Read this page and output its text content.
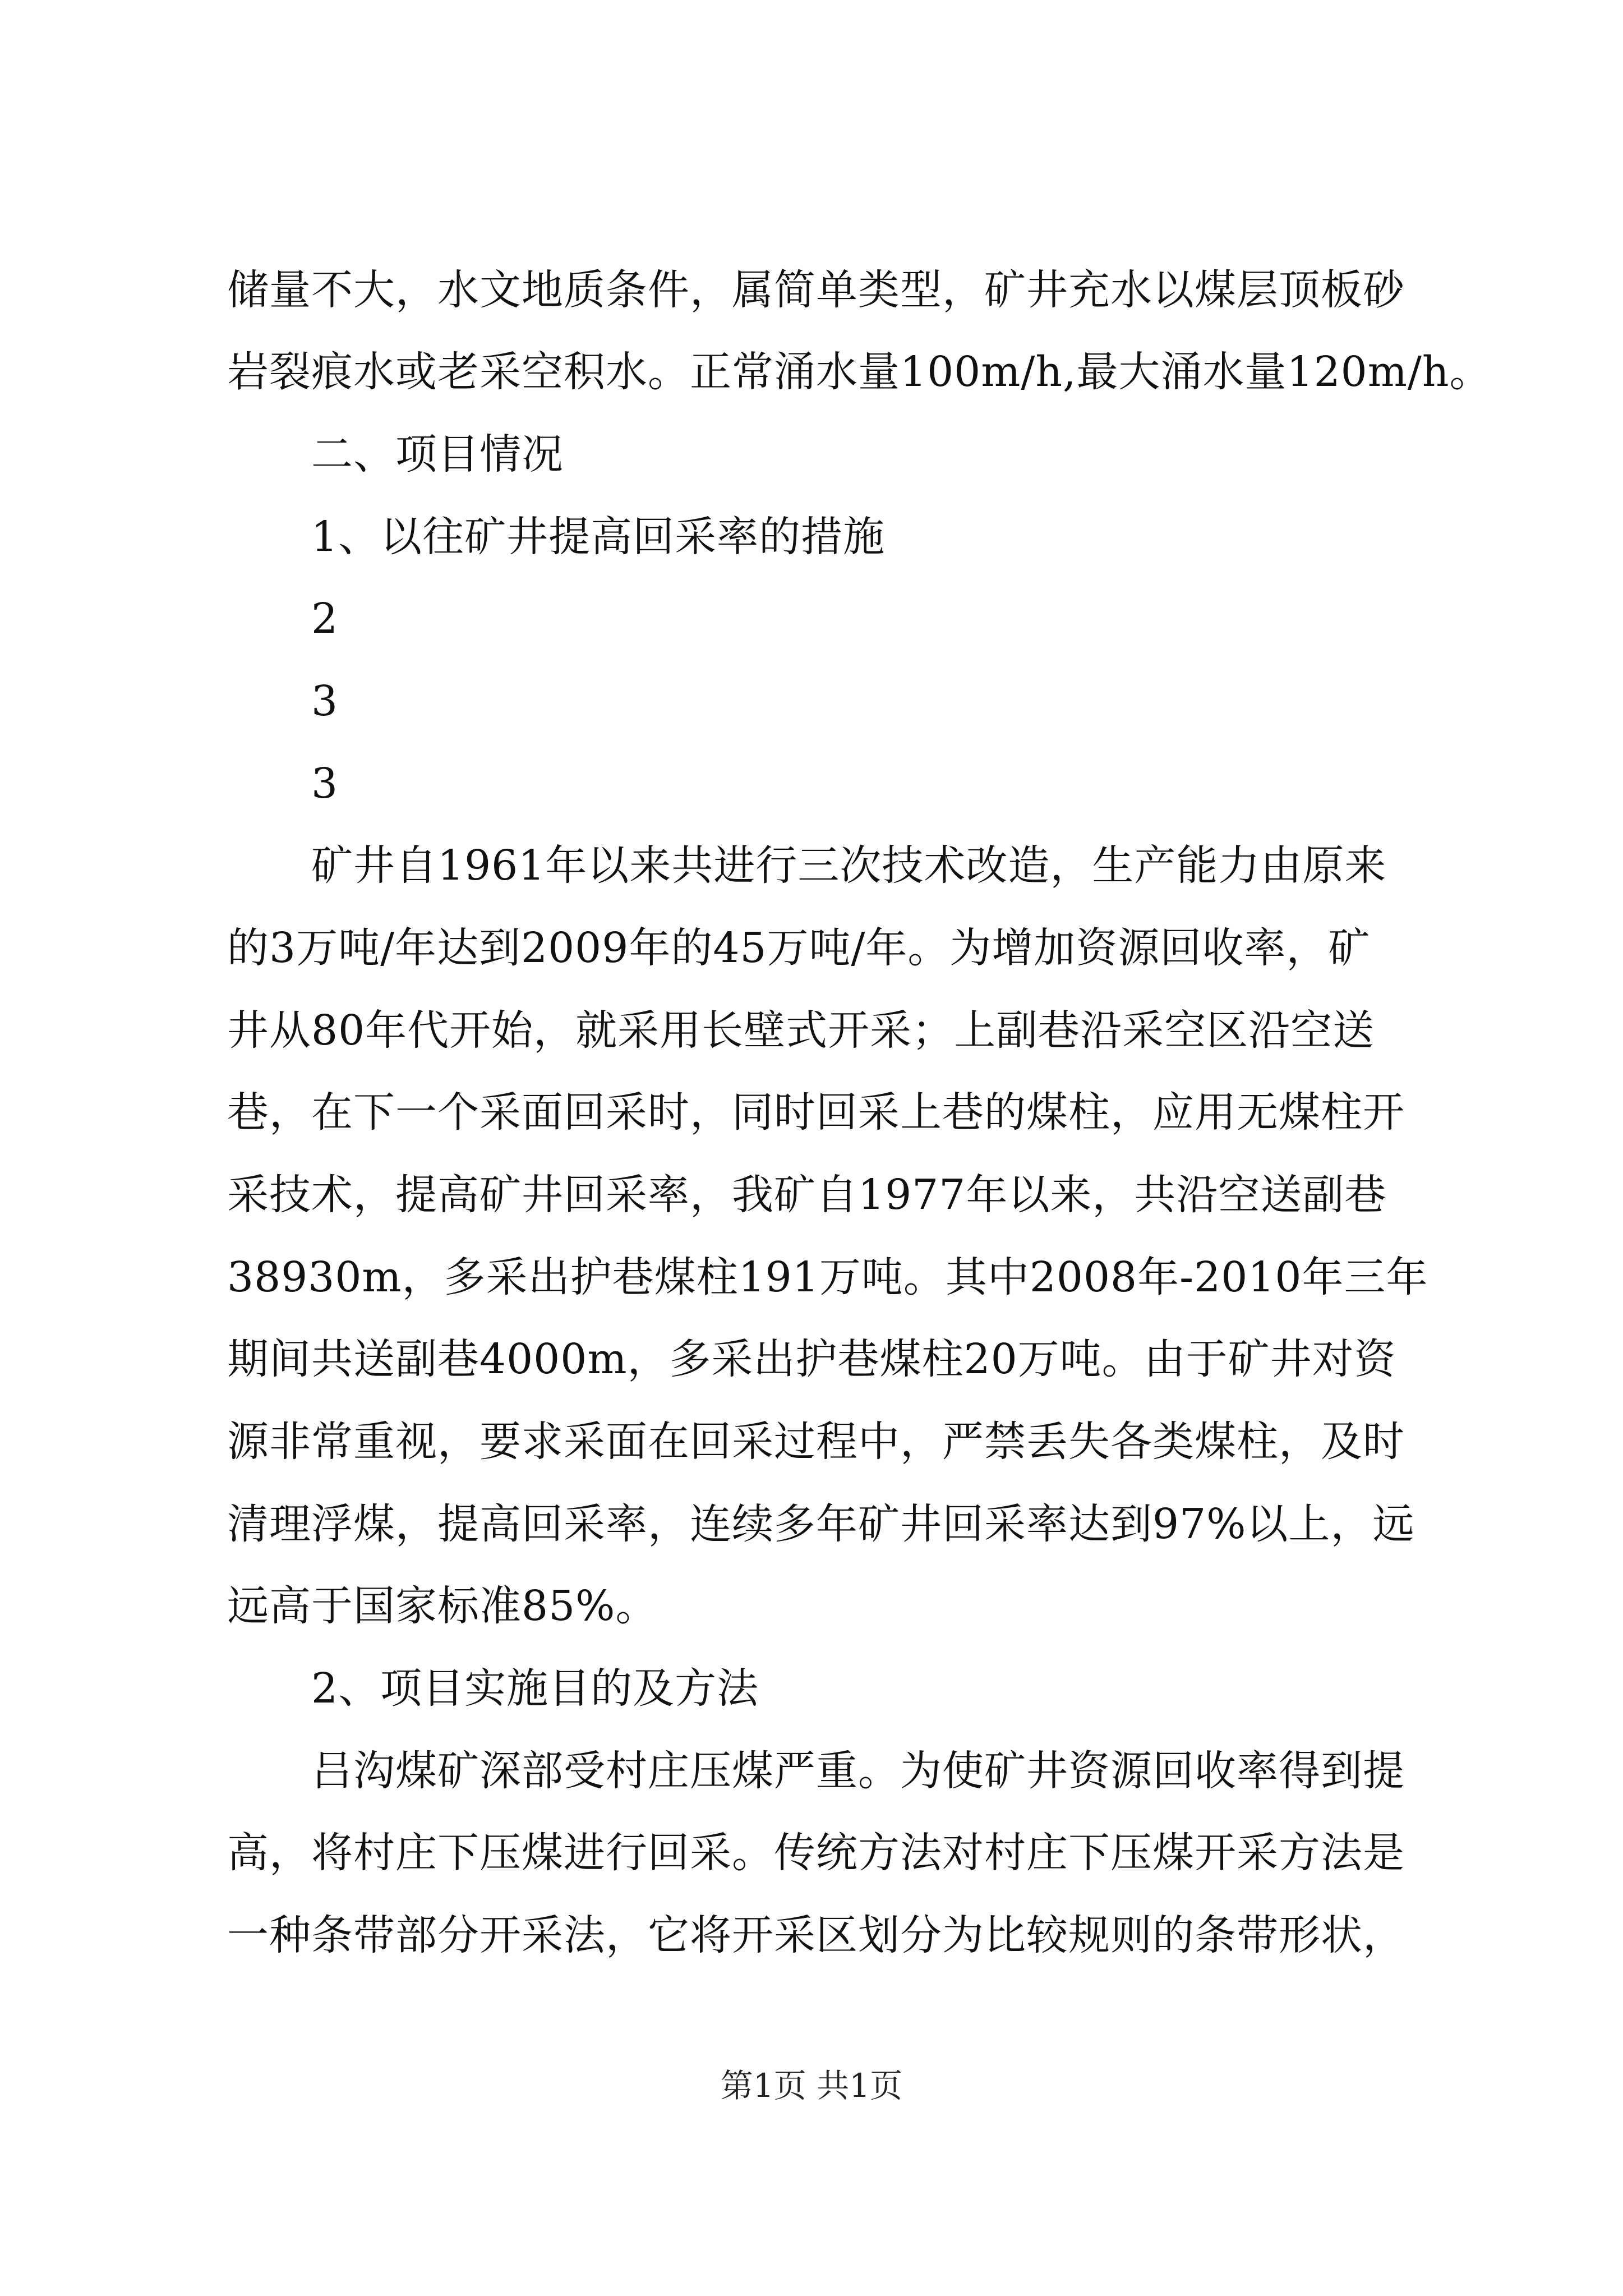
储量不大，水文地质条件，属简单类型，矿井充水以煤层顶板砂
岩裂痕水或老采空积水。正常涌水量100m/h,最大涌水量120m/h。
二、项目情况
1、以往矿井提高回采率的措施
2
3
3
矿井自1961年以来共进行三次技术改造，生产能力由原来
的3万吨/年达到2009年的45万吨/年。为增加资源回收率，矿
井从80年代开始，就采用长壁式开采；上副巷沿采空区沿空送
巷，在下一个采面回采时，同时回采上巷的煤柱，应用无煤柱开
采技术，提高矿井回采率，我矿自1977年以来，共沿空送副巷
38930m，多采出护巷煤柱191万吨。其中2008年-2010年三年
期间共送副巷4000m，多采出护巷煤柱20万吨。由于矿井对资
源非常重视，要求采面在回采过程中，严禁丢失各类煤柱，及时
清理浮煤，提高回采率，连续多年矿井回采率达到97%以上，远
远高于国家标准85%。
2、项目实施目的及方法
吕沟煤矿深部受村庄压煤严重。为使矿井资源回收率得到提
高，将村庄下压煤进行回采。传统方法对村庄下压煤开采方法是
一种条带部分开采法，它将开采区划分为比较规则的条带形状，
第1页 共1页
